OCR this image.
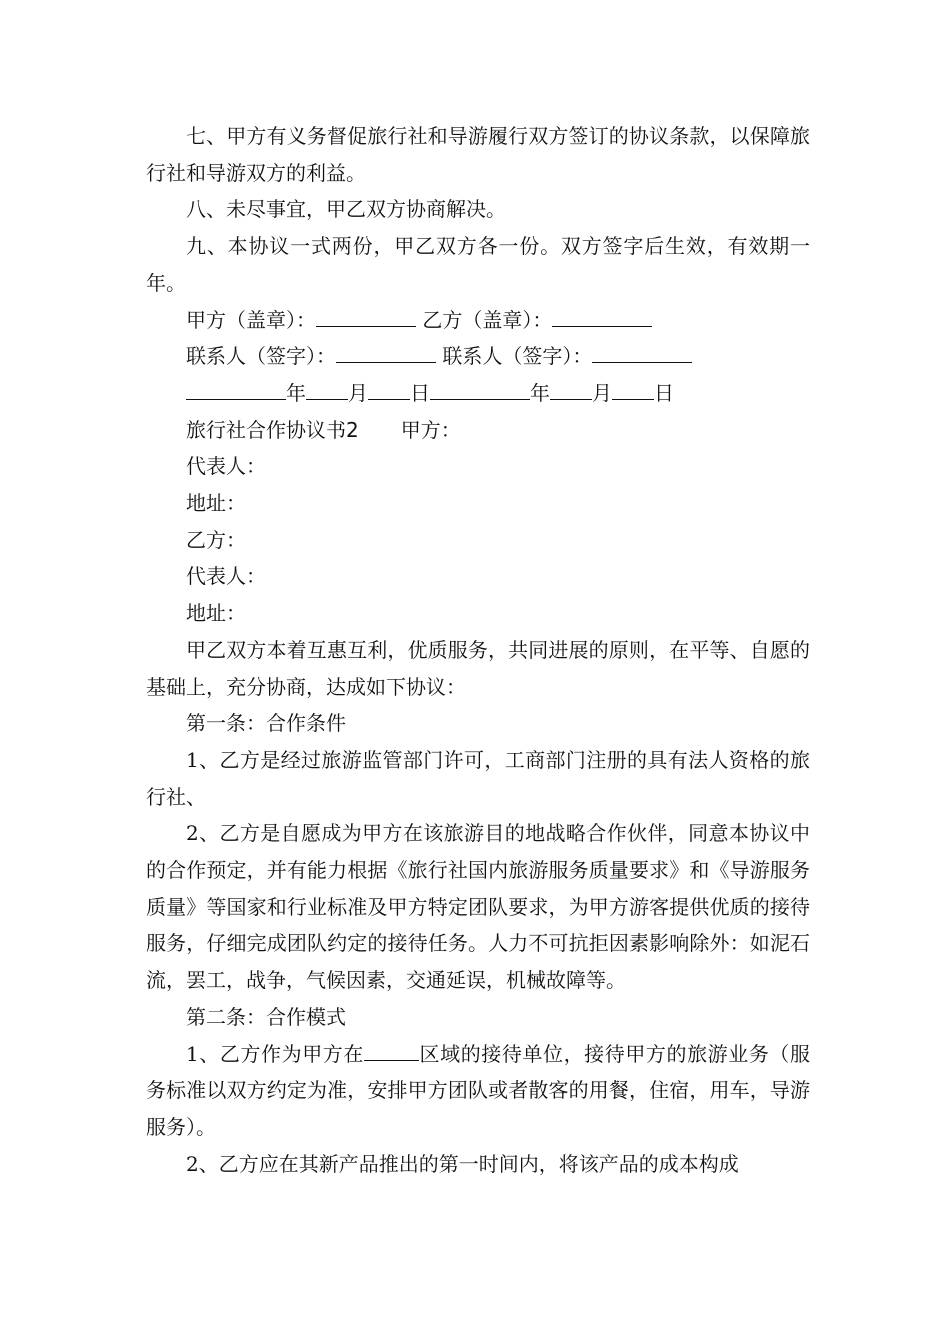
七、甲方有义务督促旅行社和导游履行双方签订的协议条款，以保障旅行社和导游双方的利益。

八、未尽事宜，甲乙双方协商解决。

九、本协议一式两份，甲乙双方各一份。双方签字后生效，有效期一年。

甲方（盖章）：	乙方（盖章）：

联系人（签字）：	联系人（签字）：

年 月 日	年 月 日

旅行社合作协议书2 甲方：

代表人：

地址：

乙方：

代表人：

地址：

甲乙双方本着互惠互利，优质服务，共同进展的原则，在平等、自愿的基础上，充分协商，达成如下协议：

第一条：合作条件

1、乙方是经过旅游监管部门许可，工商部门注册的具有法人资格的旅行社、

2、乙方是自愿成为甲方在该旅游目的地战略合作伙伴，同意本协议中的合作预定，并有能力根据《旅行社国内旅游服务质量要求》和《导游服务质量》等国家和行业标准及甲方特定团队要求，为甲方游客提供优质的接待服务，仔细完成团队约定的接待任务。人力不可抗拒因素影响除外：如泥石流，罢工，战争，气候因素，交通延误，机械故障等。

第二条：合作模式

1、乙方作为甲方在	区域的接待单位，接待甲方的旅游业务（服务标准以双方约定为准，安排甲方团队或者散客的用餐，住宿，用车，导游服务）。

2、乙方应在其新产品推出的第一时间内，将该产品的成本构成
